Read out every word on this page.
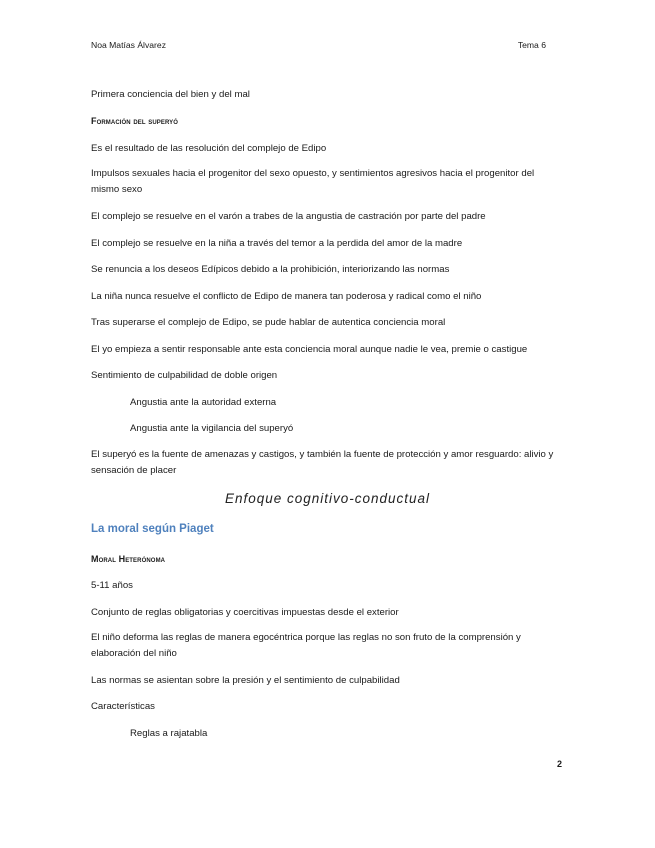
Noa Matías Álvarez	Tema 6
Primera conciencia del bien y del mal
Formación del superyó
Es el resultado de las resolución del complejo de Edipo
Impulsos sexuales hacia el progenitor del sexo opuesto, y sentimientos agresivos hacia el progenitor del mismo sexo
El complejo se resuelve en el varón a trabes de la angustia de castración por parte del padre
El complejo se resuelve en la niña a través del temor a la perdida del amor de la madre
Se renuncia a los deseos Edípicos debido a la prohibición, interiorizando las normas
La niña nunca resuelve el conflicto de Edipo de manera tan poderosa y radical como el niño
Tras superarse el complejo de Edipo, se pude hablar de autentica conciencia moral
El yo empieza a sentir responsable ante esta conciencia moral aunque nadie le vea, premie o castigue
Sentimiento de culpabilidad de doble origen
Angustia ante la autoridad externa
Angustia ante la vigilancia del superyó
El superyó es la fuente de amenazas y castigos, y también la fuente de protección y amor resguardo: alivio y sensación de placer
Enfoque cognitivo-conductual
La moral según Piaget
Moral Heterónoma
5-11 años
Conjunto de reglas obligatorias y coercitivas impuestas desde el exterior
El niño deforma las reglas de manera egocéntrica porque las reglas no son fruto de la comprensión y elaboración del niño
Las normas se asientan sobre la presión y el sentimiento de culpabilidad
Características
Reglas a rajatabla
2
